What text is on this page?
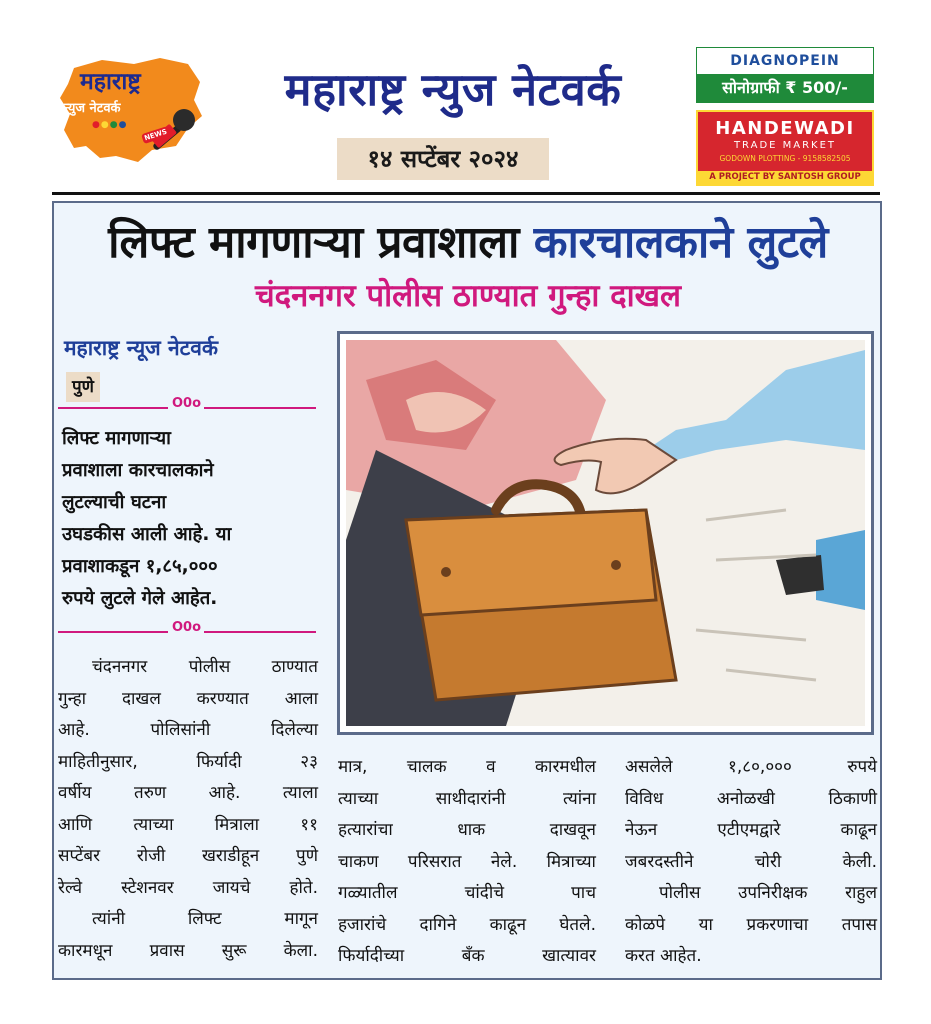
महाराष्ट्र
न्युज नेटवर्क
●●●●
NEWS
महाराष्ट्र न्युज नेटवर्क
१४ सप्टेंबर २०२४
DIAGNOPEIN
सोनोग्राफी ₹ 500/-
HANDEWADI
TRADE MARKET
GODOWN PLOTTING - 9158582505
A PROJECT BY SANTOSH GROUP
लिफ्ट मागणाऱ्या प्रवाशाला कारचालकाने लुटले
चंदननगर पोलीस ठाण्यात गुन्हा दाखल
महाराष्ट्र न्यूज नेटवर्क
पुणे
O0o
लिफ्ट मागणाऱ्या
प्रवाशाला कारचालकाने
लुटल्याची घटना
उघडकीस आली आहे. या
प्रवाशाकडून १,८५,०००
रुपये लुटले गेले आहेत.
O0o
चंदननगर पोलीस ठाण्यात
गुन्हा दाखल करण्यात आला
आहे.	पोलिसांनी	दिलेल्या
माहितीनुसार,	फिर्यादी	२३
वर्षीय तरुण आहे. त्याला
आणि त्याच्या मित्राला ११
सप्टेंबर रोजी खराडीहून पुणे
रेल्वे स्टेशनवर जायचे होते.
त्यांनी	लिफ्ट	मागून
कारमधून प्रवास सुरू केला.
मात्र, चालक व कारमधील
त्याच्या	साथीदारांनी	त्यांना
हत्यारांचा	धाक	दाखवून
चाकण परिसरात नेले. मित्राच्या
गळ्यातील	चांदीचे	पाच
हजारांचे दागिने काढून घेतले.
फिर्यादीच्या	बँक	खात्यावर
असलेले	१,८०,०००	रुपये
विविध	अनोळखी	ठिकाणी
नेऊन	एटीएमद्वारे	काढून
जबरदस्तीने	चोरी	केली.
पोलीस उपनिरीक्षक राहुल
कोळपे या प्रकरणाचा तपास
करत आहेत.
